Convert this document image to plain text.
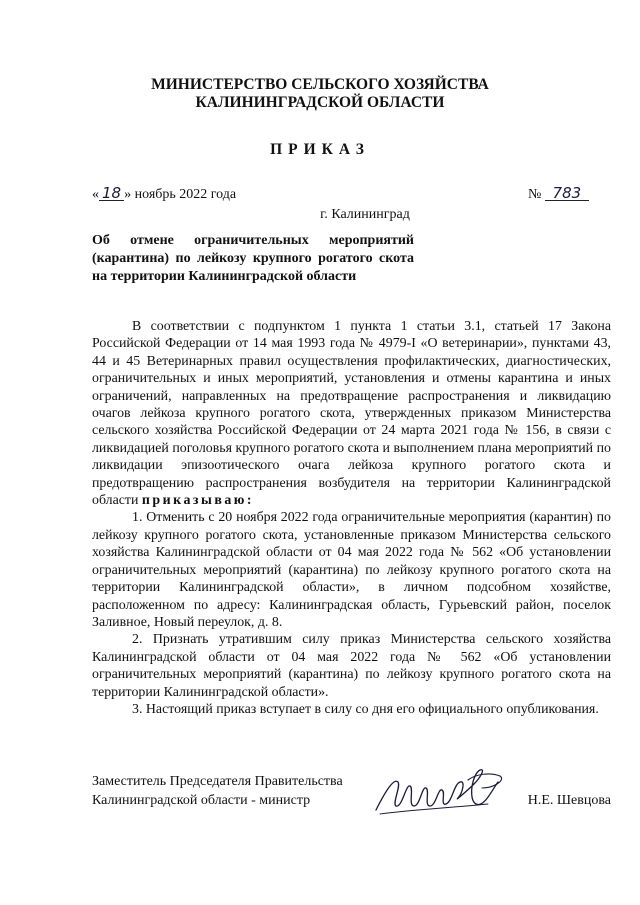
МИНИСТЕРСТВО СЕЛЬСКОГО ХОЗЯЙСТВА
КАЛИНИНГРАДСКОЙ ОБЛАСТИ
ПРИКАЗ
« 18 » ноябрь 2022 года	№ 783
г. Калининград
Об отмене ограничительных мероприятий (карантина) по лейкозу крупного рогатого скота на территории Калининградской области

В соответствии с подпунктом 1 пункта 1 статьи 3.1, статьей 17 Закона Российской Федерации от 14 мая 1993 года № 4979-I «О ветеринарии», пунктами 43, 44 и 45 Ветеринарных правил осуществления профилактических, диагностических, ограничительных и иных мероприятий, установления и отмены карантина и иных ограничений, направленных на предотвращение распространения и ликвидацию очагов лейкоза крупного рогатого скота, утвержденных приказом Министерства сельского хозяйства Российской Федерации от 24 марта 2021 года № 156, в связи с ликвидацией поголовья крупного рогатого скота и выполнением плана мероприятий по ликвидации эпизоотического очага лейкоза крупного рогатого скота и предотвращению распространения возбудителя на территории Калининградской области приказываю:

1. Отменить с 20 ноября 2022 года ограничительные мероприятия (карантин) по лейкозу крупного рогатого скота, установленные приказом Министерства сельского хозяйства Калининградской области от 04 мая 2022 года № 562 «Об установлении ограничительных мероприятий (карантина) по лейкозу крупного рогатого скота на территории Калининградской области», в личном подсобном хозяйстве, расположенном по адресу: Калининградская область, Гурьевский район, поселок Заливное, Новый переулок, д. 8.

2. Признать утратившим силу приказ Министерства сельского хозяйства Калининградской области от 04 мая 2022 года № 562 «Об установлении ограничительных мероприятий (карантина) по лейкозу крупного рогатого скота на территории Калининградской области».

3. Настоящий приказ вступает в силу со дня его официального опубликования.

Заместитель Председателя Правительства
Калининградской области - министр	Н.Е. Шевцова
